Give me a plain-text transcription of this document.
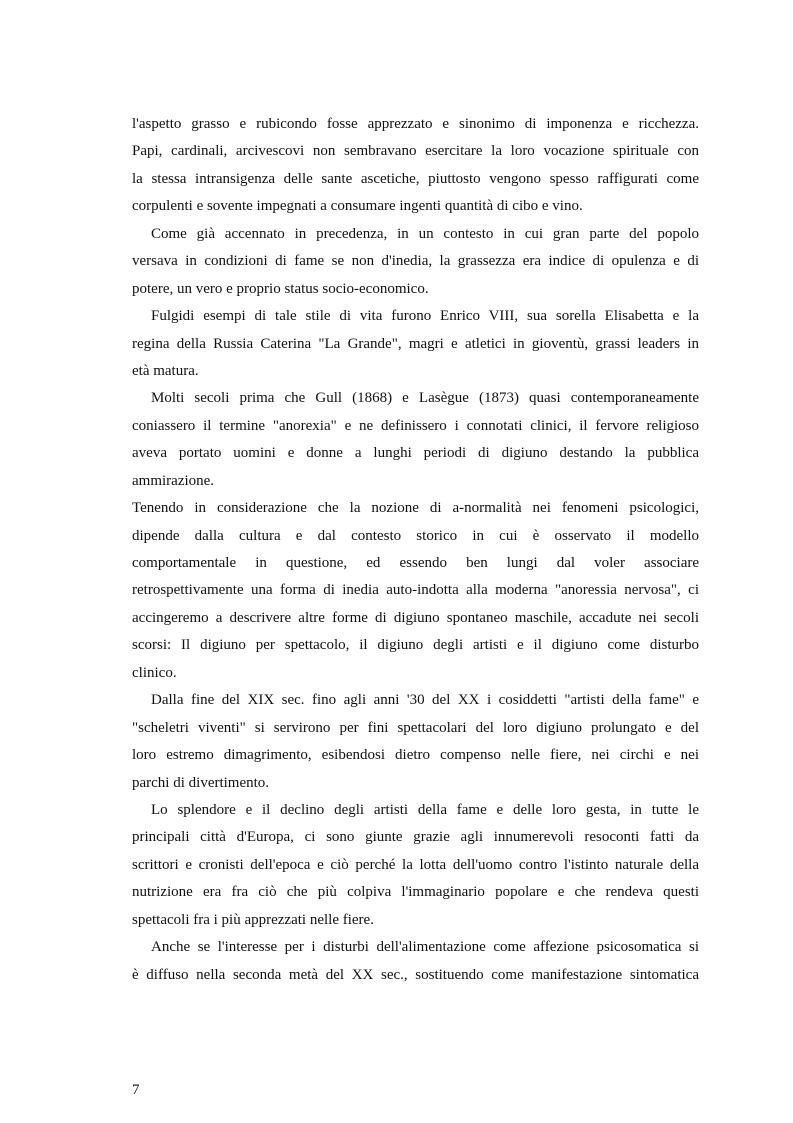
l'aspetto grasso e rubicondo fosse apprezzato e sinonimo di imponenza e ricchezza.
Papi, cardinali, arcivescovi non sembravano esercitare la loro vocazione spirituale con
la stessa intransigenza delle sante ascetiche, piuttosto vengono spesso raffigurati come
corpulenti e sovente impegnati a consumare ingenti quantità di cibo e vino.
Come già accennato in precedenza, in un contesto in cui gran parte del popolo
versava in condizioni di fame se non d'inedia, la grassezza era indice di opulenza e di
potere, un vero e proprio status socio-economico.
Fulgidi esempi di tale stile di vita furono Enrico VIII, sua sorella Elisabetta e la
regina della Russia Caterina "La Grande", magri e atletici in gioventù, grassi leaders in
età matura.
Molti secoli prima che Gull (1868) e Lasègue (1873) quasi contemporaneamente
coniassero il termine "anorexia" e ne definissero i connotati clinici, il fervore religioso
aveva portato uomini e donne a lunghi periodi di digiuno destando la pubblica
ammirazione.
Tenendo in considerazione che la nozione di a-normalità nei fenomeni psicologici,
dipende dalla cultura e dal contesto storico in cui è osservato il modello
comportamentale in questione, ed essendo ben lungi dal voler associare
retrospettivamente una forma di inedia auto-indotta alla moderna "anoressia nervosa", ci
accingeremo a descrivere altre forme di digiuno spontaneo maschile, accadute nei secoli
scorsi: Il digiuno per spettacolo, il digiuno degli artisti e il digiuno come disturbo
clinico.
Dalla fine del XIX sec. fino agli anni '30 del XX i cosiddetti "artisti della fame" e
"scheletri viventi" si servirono per fini spettacolari del loro digiuno prolungato e del
loro estremo dimagrimento, esibendosi dietro compenso nelle fiere, nei circhi e nei
parchi di divertimento.
Lo splendore e il declino degli artisti della fame e delle loro gesta, in tutte le
principali città d'Europa, ci sono giunte grazie agli innumerevoli resoconti fatti da
scrittori e cronisti dell'epoca e ciò perché la lotta dell'uomo contro l'istinto naturale della
nutrizione era fra ciò che più colpiva l'immaginario popolare e che rendeva questi
spettacoli fra i più apprezzati nelle fiere.
Anche se l'interesse per i disturbi dell'alimentazione come affezione psicosomatica si
è diffuso nella seconda metà del XX sec., sostituendo come manifestazione sintomatica
7
